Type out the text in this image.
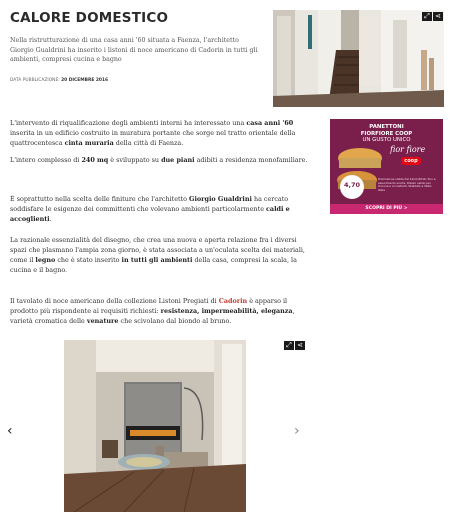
CALORE DOMESTICO

Nella ristrutturazione di una casa anni '60 situata a Faenza, l'architetto Giorgio Gualdrini ha inserito i listoni di noce americano di Cadorin in tutti gli ambienti, compresi cucina e bagno

DATA PUBBLICAZIONE: 20 DICEMBRE 2016
⤢ ⋖

L'intervento di riqualificazione degli ambienti interni ha interessato una casa anni '60 inserita in un edificio costruito in muratura portante che sorge nel tratto orientale della quattrocentesca cinta muraria della città di Faenza.

L'intero complesso di 240 mq è sviluppato su due piani adibiti a residenza monofamiliare.

È soprattutto nella scelta delle finiture che l'architetto Giorgio Gualdrini ha cercato soddisfare le esigenze dei committenti che volevano ambienti particolarmente caldi e accoglienti.

La razionale essenzialità del disegno, che crea una nuova e aperta relazione fra i diversi spazi che plasmano l'ampia zona giorno, è stata associata a un'oculata scelta dei materiali, come il legno che è stato inserito in tutti gli ambienti della casa, compresi la scala, la cucina e il bagno.

Il tavolato di noce americano della collezione Listoni Pregiati di Cadorin è apparso il prodotto più rispondente ai requisiti richiesti: resistenza, impermeabilità, eleganza, varietà cromatica delle venature che scivolano dal biondo al bruno.

PANETTONI
FIORFIORE COOP
UN GUSTO UNICO
fior fiore
coop
Promozione valida dal 14/11/2016, fino a esaurimento scorte. Prezzo valido per Ancona e circostanti. Sbaldato a Stato Italia
SCOPRI DI PIÙ >
4,70
⤢ ⋖
‹	›
